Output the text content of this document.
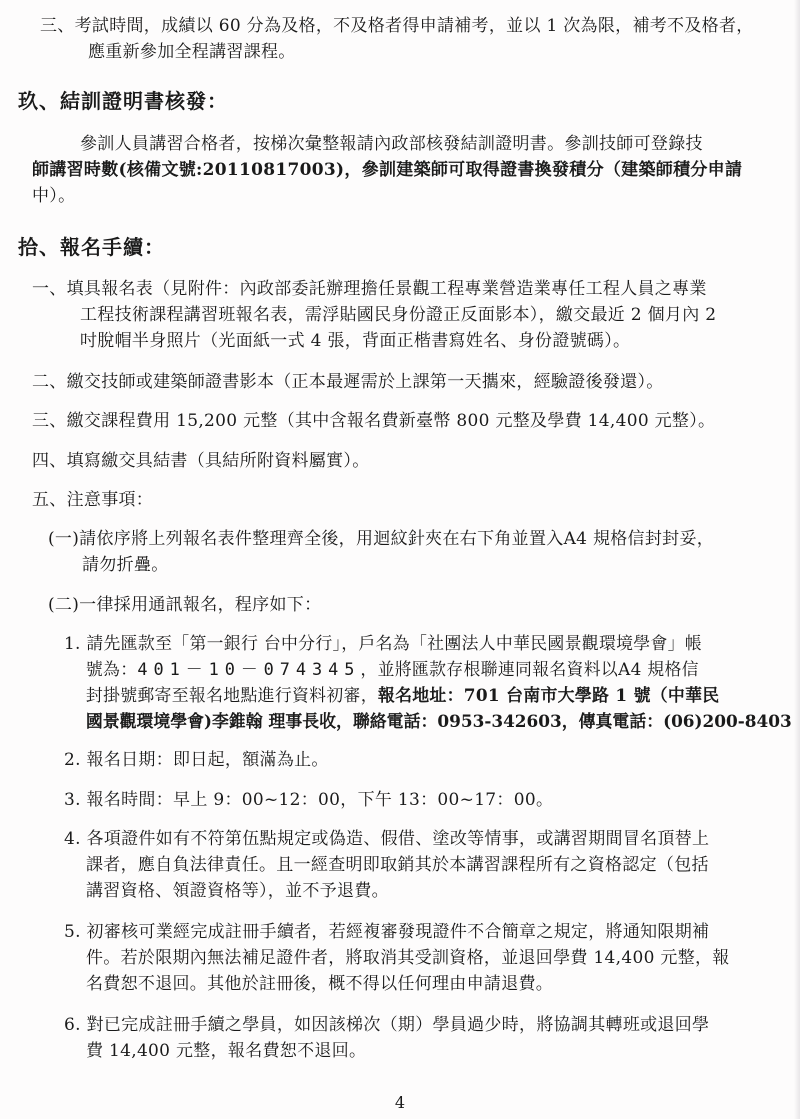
三、考試時間，成績以 60 分為及格，不及格者得申請補考，並以 1 次為限，補考不及格者，
應重新參加全程講習課程。
玖、結訓證明書核發：
參訓人員講習合格者，按梯次彙整報請內政部核發結訓證明書。參訓技師可登錄技
師講習時數(核備文號:20110817003)，參訓建築師可取得證書換發積分（建築師積分申請
中）。
拾、報名手續：
一、填具報名表（見附件：內政部委託辦理擔任景觀工程專業營造業專任工程人員之專業
工程技術課程講習班報名表，需浮貼國民身份證正反面影本），繳交最近 2 個月內 2
吋脫帽半身照片（光面紙一式 4 張，背面正楷書寫姓名、身份證號碼）。
二、繳交技師或建築師證書影本（正本最遲需於上課第一天攜來，經驗證後發還）。
三、繳交課程費用 15,200 元整（其中含報名費新臺幣 800 元整及學費 14,400 元整）。
四、填寫繳交具結書（具結所附資料屬實）。
五、注意事項：
(一)請依序將上列報名表件整理齊全後，用迴紋針夾在右下角並置入A4 規格信封封妥，
請勿折疊。
(二)一律採用通訊報名，程序如下：
1. 請先匯款至「第一銀行 台中分行」，戶名為「社團法人中華民國景觀環境學會」帳
號為：401－10－074345，並將匯款存根聯連同報名資料以A4 規格信
封掛號郵寄至報名地點進行資料初審，報名地址：701 台南市大學路 1 號（中華民
國景觀環境學會)李錐翰 理事長收，聯絡電話：0953-342603，傳真電話：(06)200-8403
2. 報名日期：即日起，額滿為止。
3. 報名時間：早上 9：00~12：00，下午 13：00~17：00。
4. 各項證件如有不符第伍點規定或偽造、假借、塗改等情事，或講習期間冒名頂替上
課者，應自負法律責任。且一經查明即取銷其於本講習課程所有之資格認定（包括
講習資格、領證資格等），並不予退費。
5. 初審核可業經完成註冊手續者，若經複審發現證件不合簡章之規定，將通知限期補
件。若於限期內無法補足證件者，將取消其受訓資格，並退回學費 14,400 元整，報
名費恕不退回。其他於註冊後，概不得以任何理由申請退費。
6. 對已完成註冊手續之學員，如因該梯次（期）學員過少時，將協調其轉班或退回學
費 14,400 元整，報名費恕不退回。
4
